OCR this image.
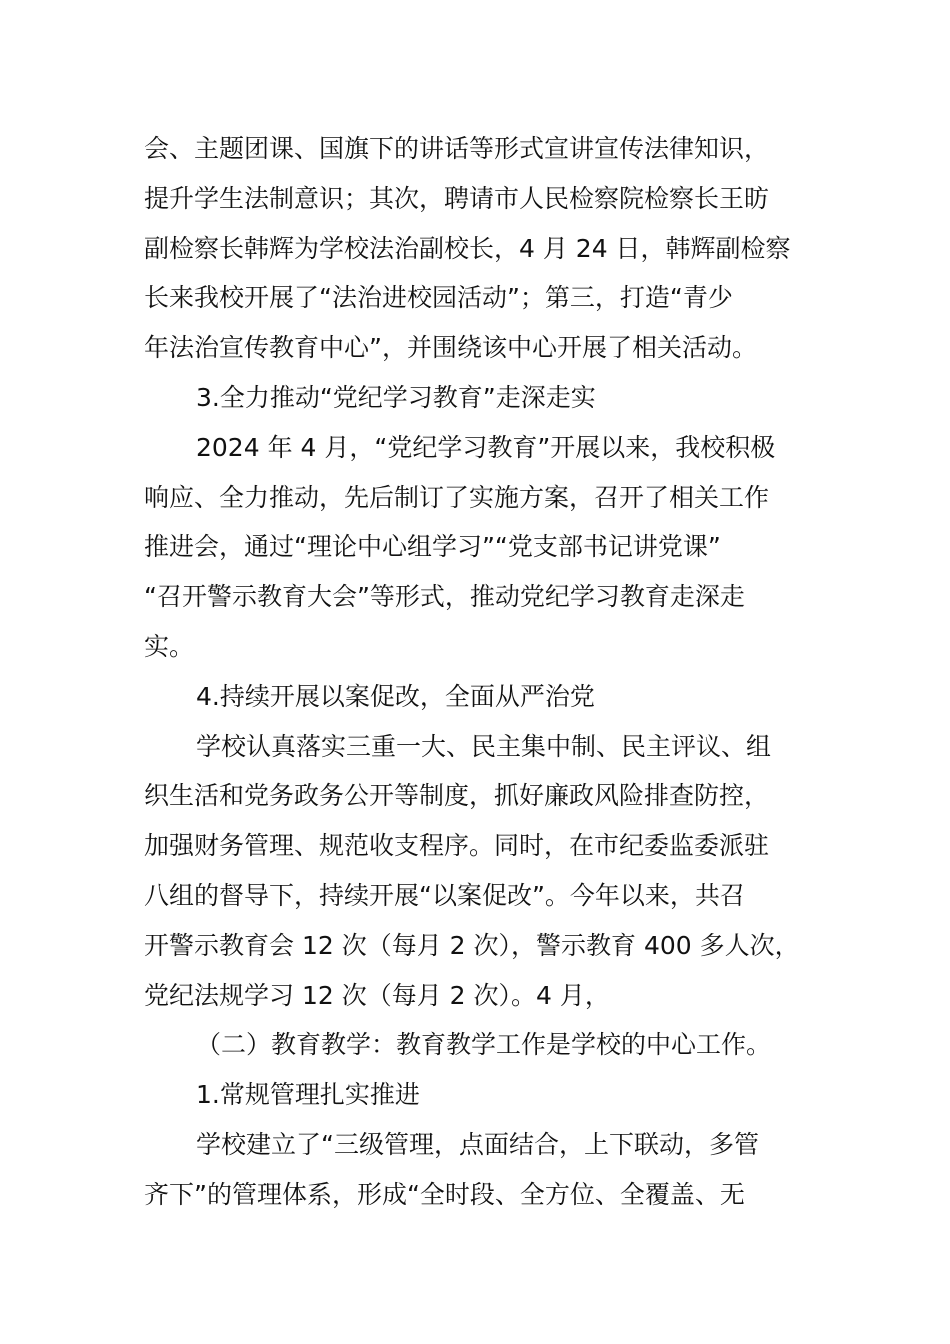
会、主题团课、国旗下的讲话等形式宣讲宣传法律知识，
提升学生法制意识；其次，聘请市人民检察院检察长王昉
副检察长韩辉为学校法治副校长，4 月 24 日，韩辉副检察
长来我校开展了“法治进校园活动”；第三，打造“青少
年法治宣传教育中心”，并围绕该中心开展了相关活动。
3.全力推动“党纪学习教育”走深走实
2024 年 4 月，“党纪学习教育”开展以来，我校积极
响应、全力推动，先后制订了实施方案，召开了相关工作
推进会，通过“理论中心组学习”“党支部书记讲党课”
“召开警示教育大会”等形式，推动党纪学习教育走深走
实。
4.持续开展以案促改，全面从严治党
学校认真落实三重一大、民主集中制、民主评议、组
织生活和党务政务公开等制度，抓好廉政风险排查防控，
加强财务管理、规范收支程序。同时，在市纪委监委派驻
八组的督导下，持续开展“以案促改”。今年以来，共召
开警示教育会 12 次（每月 2 次），警示教育 400 多人次，
党纪法规学习 12 次（每月 2 次）。4 月，
（二）教育教学：教育教学工作是学校的中心工作。
1.常规管理扎实推进
学校建立了“三级管理，点面结合，上下联动，多管
齐下”的管理体系，形成“全时段、全方位、全覆盖、无
